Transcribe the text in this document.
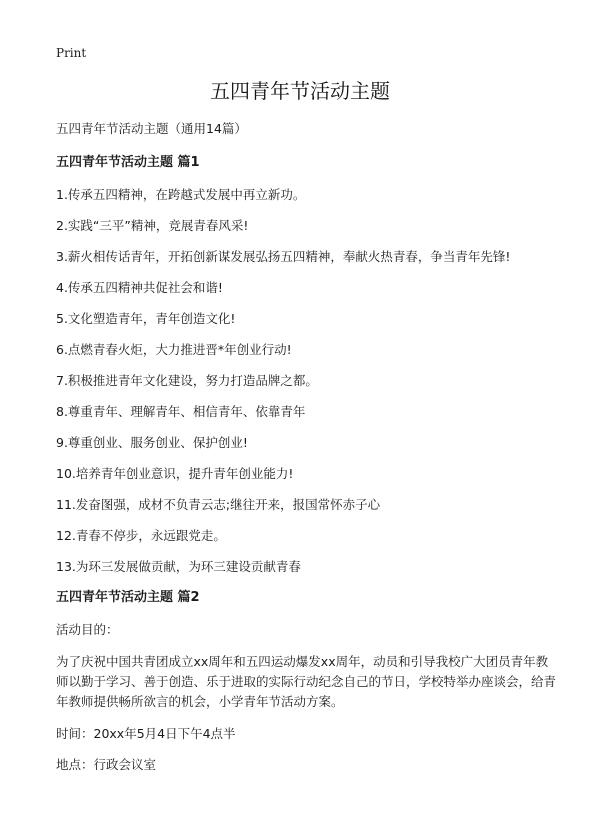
Print
五四青年节活动主题
五四青年节活动主题（通用14篇）
五四青年节活动主题 篇1
1.传承五四精神，在跨越式发展中再立新功。
2.实践“三平”精神，竞展青春风采!
3.薪火相传话青年，开拓创新谋发展弘扬五四精神，奉献火热青春，争当青年先锋!
4.传承五四精神共促社会和谐!
5.文化塑造青年，青年创造文化!
6.点燃青春火炬，大力推进晋*年创业行动!
7.积极推进青年文化建设，努力打造品牌之都。
8.尊重青年、理解青年、相信青年、依靠青年
9.尊重创业、服务创业、保护创业!
10.培养青年创业意识，提升青年创业能力!
11.发奋图强，成材不负青云志;继往开来，报国常怀赤子心
12.青春不停步，永远跟党走。
13.为环三发展做贡献，为环三建设贡献青春
五四青年节活动主题 篇2
活动目的：
为了庆祝中国共青团成立xx周年和五四运动爆发xx周年，动员和引导我校广大团员青年教师以勤于学习、善于创造、乐于进取的实际行动纪念自己的节日，学校特举办座谈会，给青年教师提供畅所欲言的机会，小学青年节活动方案。
时间：20xx年5月4日下午4点半
地点：行政会议室
